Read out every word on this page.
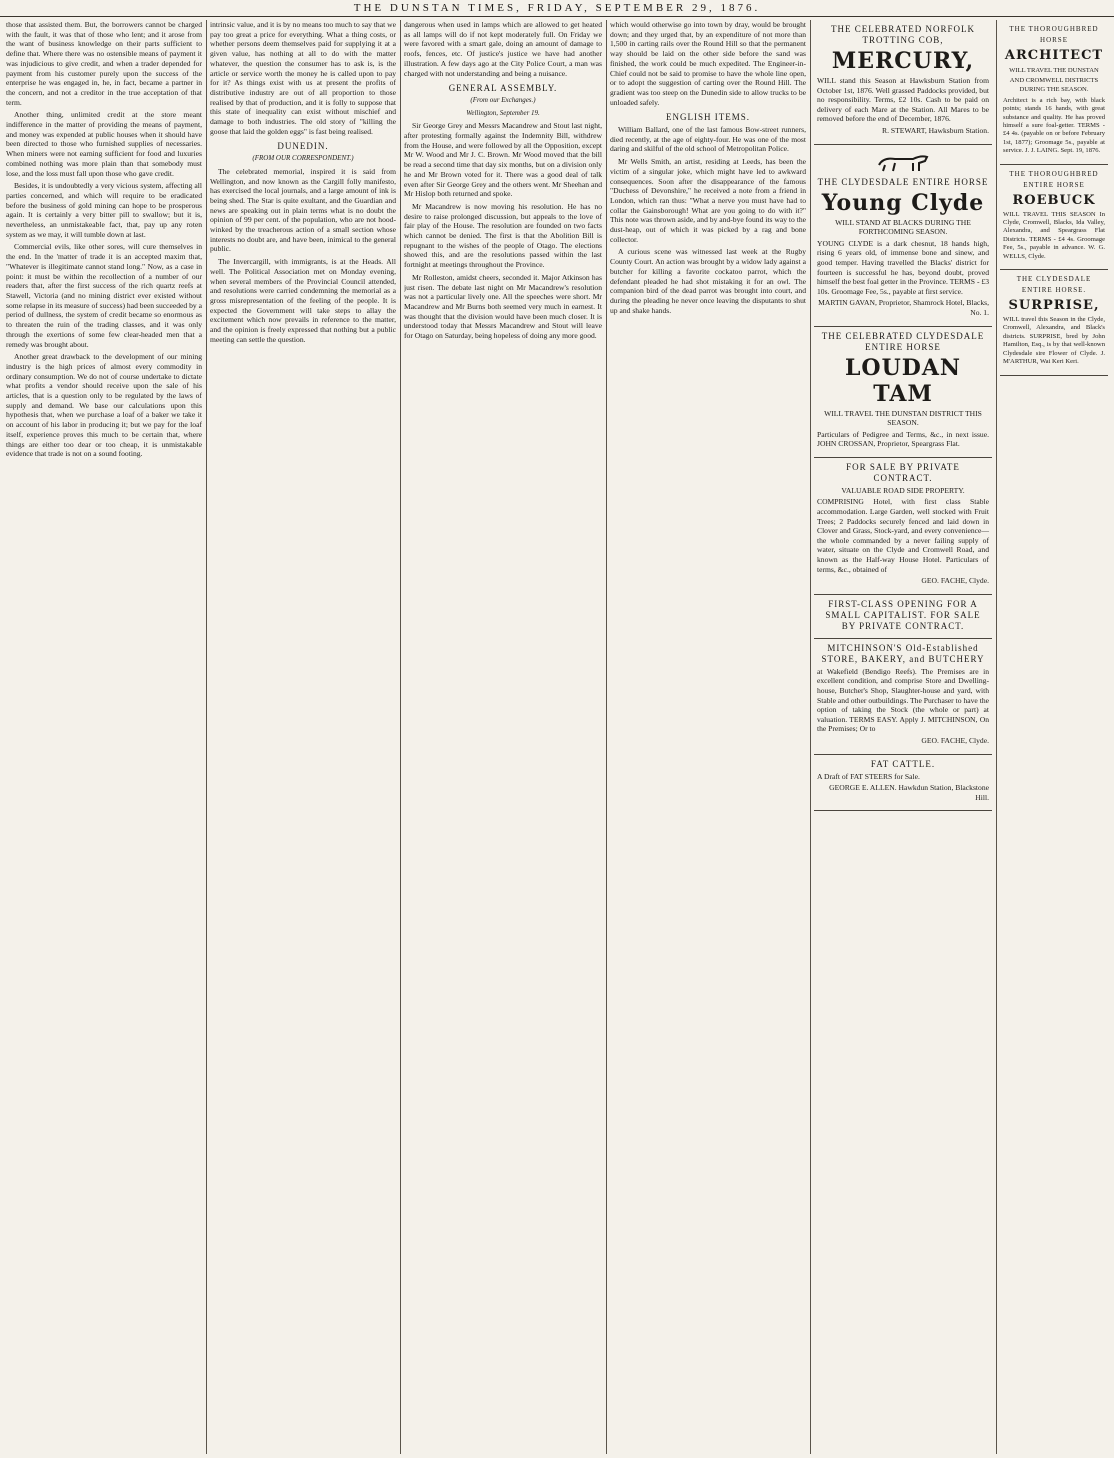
THE DUNSTAN TIMES, FRIDAY, SEPTEMBER 29, 1876.

those that assisted them. But, the borrowers cannot be charged with the fault, it was that of those who lent; and it arose from the want of business knowledge on their parts sufficient to define that. Where there was no ostensible means of payment it was injudicious to give credit, and when a trader depended for payment from his customer purely upon the success of the enterprise he was engaged in, he, in fact, became a partner in the concern, and not a creditor in the true acceptation of that term.

Another thing, unlimited credit at the store meant indifference in the matter of providing the means of payment, and money was expended at public houses when it should have been directed to those who furnished supplies of necessaries. When miners were not earning sufficient for food and luxuries combined nothing was more plain than that somebody must lose, and the loss must fall upon those who gave credit.

Besides, it is undoubtedly a very vicious system, affecting all parties concerned, and which will require to be eradicated before the business of gold mining can hope to be prosperous again. It is certainly a very bitter pill to swallow; but it is, nevertheless, an unmistakeable fact, that, pay up any roten system as we may, it will tumble down at last.

Commercial evils, like other sores, will cure themselves in the end. In the 'matter of trade it is an accepted maxim that, "Whatever is illegitimate cannot stand long." Now, as a case in point: it must be within the recollection of a number of our readers that, after the first success of the rich quartz reefs at Stawell, Victoria (and no mining district ever existed without some relapse in its measure of success) had been succeeded by a period of dullness, the system of credit became so enormous as to threaten the ruin of the trading classes, and it was only through the exertions of some few clear-headed men that a remedy was brought about.

Another great drawback to the development of our mining industry is the high prices of almost every commodity in ordinary consumption. We do not of course undertake to dictate what profits a vendor should receive upon the sale of his articles, that is a question only to be regulated by the laws of supply and demand. We base our calculations upon this hypothesis that, when we purchase a loaf of a baker we take it on account of his labor in producing it; but we pay for the loaf itself, experience proves this much to be certain that, where things are either too dear or too cheap, it is unmistakable evidence that trade is not on a sound footing.

intrinsic value, and it is by no means too much to say that we pay too great a price for everything. What a thing costs, or whether persons deem themselves paid for supplying it at a given value, has nothing at all to do with the matter whatever, the question the consumer has to ask is, is the article or service worth the money he is called upon to pay for it? As things exist with us at present the profits of distributive industry are out of all proportion to those realised by that of production, and it is folly to suppose that this state of inequality can exist without mischief and damage to both industries. The old story of "killing the goose that laid the golden eggs" is fast being realised.

DUNEDIN.
(FROM OUR CORRESPONDENT.)

The celebrated memorial, inspired it is said from Wellington, and now known as the Cargill folly manifesto, has exercised the local journals, and a large amount of ink is being shed. The Star is quite exultant, and the Guardian and news are speaking out in plain terms what is no doubt the opinion of 99 per cent. of the population, who are not hood-winked by the treacherous action of a small section whose interests no doubt are, and have been, inimical to the general public.

The Invercargill, with immigrants, is at the Heads. All well. The Political Association met on Monday evening, when several members of the Provincial Council attended, and resolutions were carried condemning the memorial as a gross misrepresentation of the feeling of the people. It is expected the Government will take steps to allay the excitement which now prevails in reference to the matter, and the opinion is freely expressed that nothing but a public meeting can settle the question.

dangerous when used in lamps which are allowed to get heated as all lamps will do if not kept moderately full. On Friday we were favored with a smart gale, doing an amount of damage to roofs, fences, etc. Of justice's justice we have had another illustration. A few days ago at the City Police Court, a man was charged with not understanding and being a nuisance.

GENERAL ASSEMBLY.
(From our Exchanges.)
Wellington, September 19.

Sir George Grey and Messrs Macandrew and Stout last night, after protesting formally against the Indemnity Bill, withdrew from the House, and were followed by all the Opposition, except Mr W. Wood and Mr J. C. Brown. Mr Wood moved that the bill be read a second time that day six months, but on a division only he and Mr Brown voted for it. There was a good deal of talk even after Sir George Grey and the others went. Mr Sheehan and Mr Hislop both returned and spoke.

Mr Macandrew is now moving his resolution. He has no desire to raise prolonged discussion, but appeals to the love of fair play of the House. The resolution are founded on two facts which cannot be denied. The first is that the Abolition Bill is repugnant to the wishes of the people of Otago. The elections showed this, and are the resolutions passed within the last fortnight at meetings throughout the Province.

Mr Rolleston, amidst cheers, seconded it. Major Atkinson has just risen. The debate last night on Mr Macandrew's resolution was not a particular lively one. All the speeches were short. Mr Macandrew and Mr Burns both seemed very much in earnest. It was thought that the division would have been much closer. It is understood today that Messrs Macandrew and Stout will leave for Otago on Saturday, being hopeless of doing any more good.

which would otherwise go into town by dray, would be brought down; and they urged that, by an expenditure of not more than 1,500 in carting rails over the Round Hill so that the permanent way should be laid on the other side before the sand was finished, the work could be much expedited. The Engineer-in-Chief could not be said to promise to have the whole line open, or to adopt the suggestion of carting over the Round Hill. The gradient was too steep on the Dunedin side to allow trucks to be unloaded safely.

ENGLISH ITEMS.

William Ballard, one of the last famous Bow-street runners, died recently, at the age of eighty-four. He was one of the most daring and skilful of the old school of Metropolitan Police.

Mr Wells Smith, an artist, residing at Leeds, has been the victim of a singular joke, which might have led to awkward consequences. Soon after the disappearance of the famous "Duchess of Devonshire," he received a note from a friend in London, which ran thus: "What a nerve you must have had to collar the Gainsborough! What are you going to do with it?" This note was thrown aside, and by and-bye found its way to the dust-heap, out of which it was picked by a rag and bone collector.

A curious scene was witnessed last week at the Rugby County Court. An action was brought by a widow lady against a butcher for killing a favorite cockatoo parrot, which the defendant pleaded he had shot mistaking it for an owl. The companion bird of the dead parrot was brought into court, and during the pleading he never once leaving the disputants to shut up and shake hands.

THE CELEBRATED NORFOLK
TROTTING COB,
MERCURY,
WILL stand this Season at Hawksburn Station from October 1st, 1876. Well grassed Paddocks provided, but no responsibility. Terms, £2 10s. Cash to be paid on delivery of each Mare at the Station. All Mares to be removed before the end of December, 1876.
R. STEWART, Hawksburn Station.
THE CLYDESDALE ENTIRE HORSE
Young Clyde
WILL STAND AT BLACKS DURING THE FORTHCOMING SEASON.
YOUNG CLYDE is a dark chesnut, 18 hands high, rising 6 years old, of immense bone and sinew, and good temper. Having travelled the Blacks' district for fourteen is successful he has, beyond doubt, proved himself the best foal getter in the Province. TERMS - £3 10s. Groomage Fee, 5s., payable at first service.
MARTIN GAVAN, Proprietor, Shamrock Hotel, Blacks, No. 1.
THE CELEBRATED CLYDESDALE ENTIRE HORSE
LOUDAN TAM
WILL TRAVEL THE DUNSTAN DISTRICT THIS SEASON.
Particulars of Pedigree and Terms, &c., in next issue. JOHN CROSSAN, Proprietor, Speargrass Flat.
FOR SALE BY PRIVATE CONTRACT.
VALUABLE ROAD SIDE PROPERTY.
COMPRISING Hotel, with first class Stable accommodation. Large Garden, well stocked with Fruit Trees; 2 Paddocks securely fenced and laid down in Clover and Grass, Stock-yard, and every convenience—the whole commanded by a never failing supply of water, situate on the Clyde and Cromwell Road, and known as the Half-way House Hotel. Particulars of terms, &c., obtained of
GEO. FACHE, Clyde.
FIRST-CLASS OPENING FOR A SMALL CAPITALIST. FOR SALE BY PRIVATE CONTRACT.
MITCHINSON'S Old-Established STORE, BAKERY, and BUTCHERY
at Wakefield (Bendigo Reefs). The Premises are in excellent condition, and comprise Store and Dwelling-house, Butcher's Shop, Slaughter-house and yard, with Stable and other outbuildings. The Purchaser to have the option of taking the Stock (the whole or part) at valuation. TERMS EASY. Apply J. MITCHINSON, On the Premises; Or to
GEO. FACHE, Clyde.
FAT CATTLE.
A Draft of FAT STEERS for Sale.
GEORGE E. ALLEN. Hawkdun Station, Blackstone Hill.
THE THOROUGHBRED HORSE
ARCHITECT
WILL TRAVEL THE DUNSTAN AND CROMWELL DISTRICTS DURING THE SEASON.
Architect is a rich bay, with black points; stands 16 hands, with great substance and quality. He has proved himself a sure foal-getter. TERMS - £4 4s. (payable on or before February 1st, 1877); Groomage 5s., payable at service. J. J. LAING. Sept. 19, 1876.
THE THOROUGHBRED ENTIRE HORSE
ROEBUCK
WILL TRAVEL THIS SEASON In Clyde, Cromwell, Blacks, Ida Valley, Alexandra, and Speargrass Flat Districts. TERMS - £4 4s. Groomage Fee, 5s., payable in advance. W. G. WELLS, Clyde.
THE CLYDESDALE ENTIRE HORSE.
SURPRISE,
WILL travel this Season in the Clyde, Cromwell, Alexandra, and Black's districts. SURPRISE, bred by John Hamilton, Esq., is by that well-known Clydesdale sire Flower of Clyde. J. M'ARTHUR, Wai Keri Keri.
